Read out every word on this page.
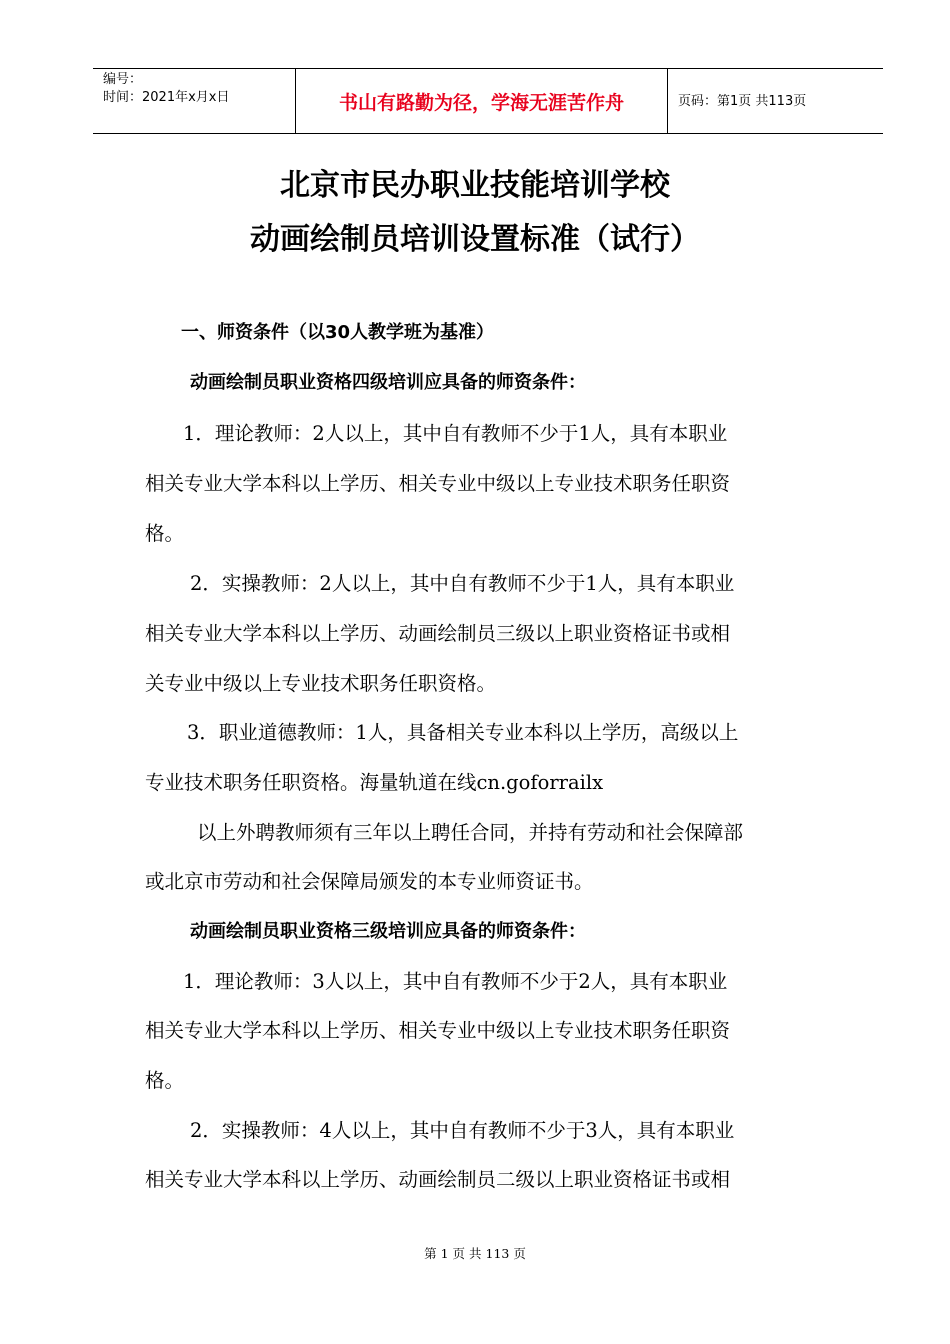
编号：
时间：2021年x月x日	书山有路勤为径，学海无涯苦作舟	页码：第1页 共113页
北京市民办职业技能培训学校
动画绘制员培训设置标准（试行）
一、师资条件（以30人教学班为基准）
动画绘制员职业资格四级培训应具备的师资条件：
1．理论教师：2人以上，其中自有教师不少于1人，具有本职业
相关专业大学本科以上学历、相关专业中级以上专业技术职务任职资
格。
2．实操教师：2人以上，其中自有教师不少于1人，具有本职业
相关专业大学本科以上学历、动画绘制员三级以上职业资格证书或相
关专业中级以上专业技术职务任职资格。
3．职业道德教师：1人，具备相关专业本科以上学历，高级以上
专业技术职务任职资格。海量轨道在线cn.goforrailx
以上外聘教师须有三年以上聘任合同，并持有劳动和社会保障部
或北京市劳动和社会保障局颁发的本专业师资证书。
动画绘制员职业资格三级培训应具备的师资条件：
1．理论教师：3人以上，其中自有教师不少于2人，具有本职业
相关专业大学本科以上学历、相关专业中级以上专业技术职务任职资
格。
2．实操教师：4人以上，其中自有教师不少于3人，具有本职业
相关专业大学本科以上学历、动画绘制员二级以上职业资格证书或相
第 1 页 共 113 页
